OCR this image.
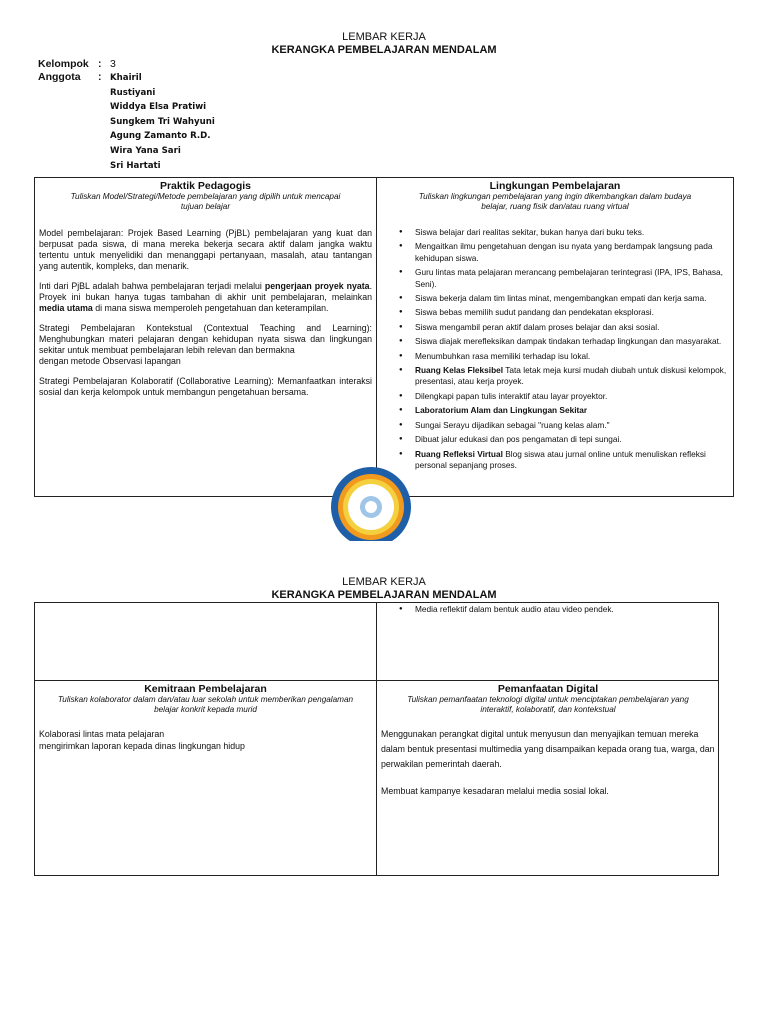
LEMBAR KERJA
KERANGKA PEMBELAJARAN MENDALAM
Kelompok : 3
Anggota	: Khairil
Rustiyani
Widdya Elsa Pratiwi
Sungkem Tri Wahyuni
Agung Zamanto R.D.
Wira Yana Sari
Sri Hartati
Praktik Pedagogis
Tuliskan Model/Strategi/Metode pembelajaran yang dipilih untuk mencapai tujuan belajar

Model pembelajaran: Projek Based Learning (PjBL) pembelajaran yang kuat dan berpusat pada siswa, di mana mereka bekerja secara aktif dalam jangka waktu tertentu untuk menyelidiki dan menanggapi pertanyaan, masalah, atau tantangan yang autentik, kompleks, dan menarik.

Inti dari PjBL adalah bahwa pembelajaran terjadi melalui pengerjaan proyek nyata. Proyek ini bukan hanya tugas tambahan di akhir unit pembelajaran, melainkan media utama di mana siswa memperoleh pengetahuan dan keterampilan.

Strategi Pembelajaran Kontekstual (Contextual Teaching and Learning): Menghubungkan materi pelajaran dengan kehidupan nyata siswa dan lingkungan sekitar untuk membuat pembelajaran lebih relevan dan bermakna
dengan metode Observasi lapangan

Strategi Pembelajaran Kolaboratif (Collaborative Learning): Memanfaatkan interaksi sosial dan kerja kelompok untuk membangun pengetahuan bersama.

Lingkungan Pembelajaran
Tuliskan lingkungan pembelajaran yang ingin dikembangkan dalam budaya belajar, ruang fisik dan/atau ruang virtual
● Siswa belajar dari realitas sekitar, bukan hanya dari buku teks.
● Mengaitkan ilmu pengetahuan dengan isu nyata yang berdampak langsung pada kehidupan siswa.
● Guru lintas mata pelajaran merancang pembelajaran terintegrasi (IPA, IPS, Bahasa, Seni).
● Siswa bekerja dalam tim lintas minat, mengembangkan empati dan kerja sama.
● Siswa bebas memilih sudut pandang dan pendekatan eksplorasi.
● Siswa mengambil peran aktif dalam proses belajar dan aksi sosial.
● Siswa diajak merefleksikan dampak tindakan terhadap lingkungan dan masyarakat.
● Menumbuhkan rasa memiliki terhadap isu lokal.
● Ruang Kelas Fleksibel Tata letak meja kursi mudah diubah untuk diskusi kelompok, presentasi, atau kerja proyek.
● Dilengkapi papan tulis interaktif atau layar proyektor.
● Laboratorium Alam dan Lingkungan Sekitar
● Sungai Serayu dijadikan sebagai "ruang kelas alam."
● Dibuat jalur edukasi dan pos pengamatan di tepi sungai.
● Ruang Refleksi Virtual Blog siswa atau jurnal online untuk menuliskan refleksi personal sepanjang proses.
LEMBAR KERJA
KERANGKA PEMBELAJARAN MENDALAM
● Media reflektif dalam bentuk audio atau video pendek.
Kemitraan Pembelajaran
Tuliskan kolaborator dalam dan/atau luar sekolah untuk memberikan pengalaman belajar konkrit kepada murid
Kolaborasi lintas mata pelajaran
mengirimkan laporan kepada dinas lingkungan hidup
Pemanfaatan Digital
Tuliskan pemanfaatan teknologi digital untuk menciptakan pembelajaran yang interaktif, kolaboratif, dan kontekstual

Menggunakan perangkat digital untuk menyusun dan menyajikan temuan mereka dalam bentuk presentasi multimedia yang disampaikan kepada orang tua, warga, dan perwakilan pemerintah daerah.

Membuat kampanye kesadaran melalui media sosial lokal.
